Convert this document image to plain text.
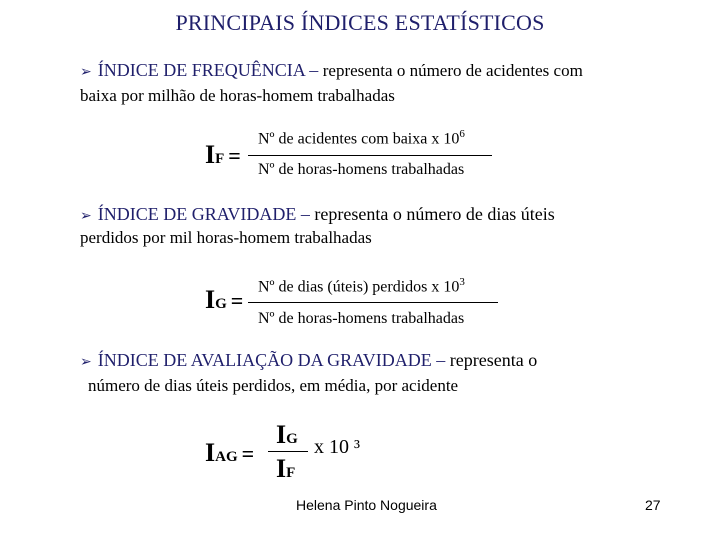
PRINCIPAIS ÍNDICES ESTATÍSTICOS
➢ ÍNDICE DE FREQUÊNCIA – representa o número de acidentes com
baixa por milhão de horas-homem trabalhadas
IF =
Nº de acidentes com baixa x $10^6$
Nº de horas-homens trabalhadas
➢ ÍNDICE DE GRAVIDADE – representa o número de dias úteis
perdidos por mil horas-homem trabalhadas
IG =
Nº de dias (úteis) perdidos x $10^3$
Nº de horas-homens trabalhadas
➢ ÍNDICE DE AVALIAÇÃO DA GRAVIDADE – representa o
número de dias úteis perdidos, em média, por acidente
IAG =
IG
IF
x 10 ³
Helena Pinto Nogueira	27
